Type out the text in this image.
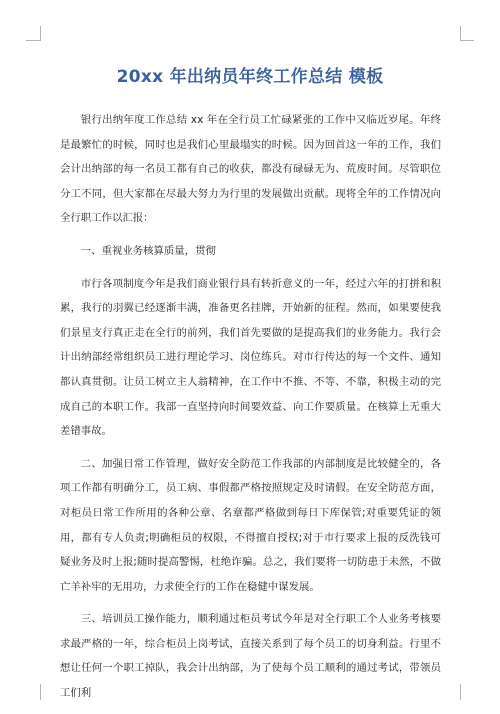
20xx 年出纳员年终工作总结 模板

银行出纳年度工作总结 xx 年在全行员工忙碌紧张的工作中又临近岁尾。年终是最繁忙的时候，同时也是我们心里最塌实的时候。因为回首这一年的工作，我们会计出纳部的每一名员工都有自己的收获，都没有碌碌无为、荒废时间。尽管职位分工不同，但大家都在尽最大努力为行里的发展做出贡献。现将全年的工作情况向全行职工作以汇报：

一、重视业务核算质量，贯彻

市行各项制度今年是我们商业银行具有转折意义的一年，经过六年的打拼和积累，我行的羽翼已经逐渐丰满，准备更名挂牌，开始新的征程。然而，如果要使我们景星支行真正走在全行的前列，我们首先要做的是提高我们的业务能力。我行会计出纳部经常组织员工进行理论学习、岗位练兵。对市行传达的每一个文件、通知都认真贯彻。让员工树立主人翁精神，在工作中不推、不等、不靠，积极主动的完成自己的本职工作。我部一直坚持向时间要效益、向工作要质量。在核算上无重大差错事故。

二、加强日常工作管理，做好安全防范工作我部的内部制度是比较健全的，各项工作都有明确分工，员工病、事假都严格按照规定及时请假。在安全防范方面，对柜员日常工作所用的各种公章、名章都严格做到每日下库保管;对重要凭证的领用，都有专人负责;明确柜员的权限，不得擅自授权;对于市行要求上报的反洗钱可疑业务及时上报;随时提高警惕，杜绝诈骗。总之，我们要将一切防患于未然，不做亡羊补牢的无用功，力求使全行的工作在稳健中谋发展。

三、培训员工操作能力，顺利通过柜员考试今年是对全行职工个人业务考核要求最严格的一年，综合柜员上岗考试，直接关系到了每个员工的切身利益。行里不想让任何一个职工掉队，我会计出纳部，为了使每个员工顺利的通过考试，带领员工们利
